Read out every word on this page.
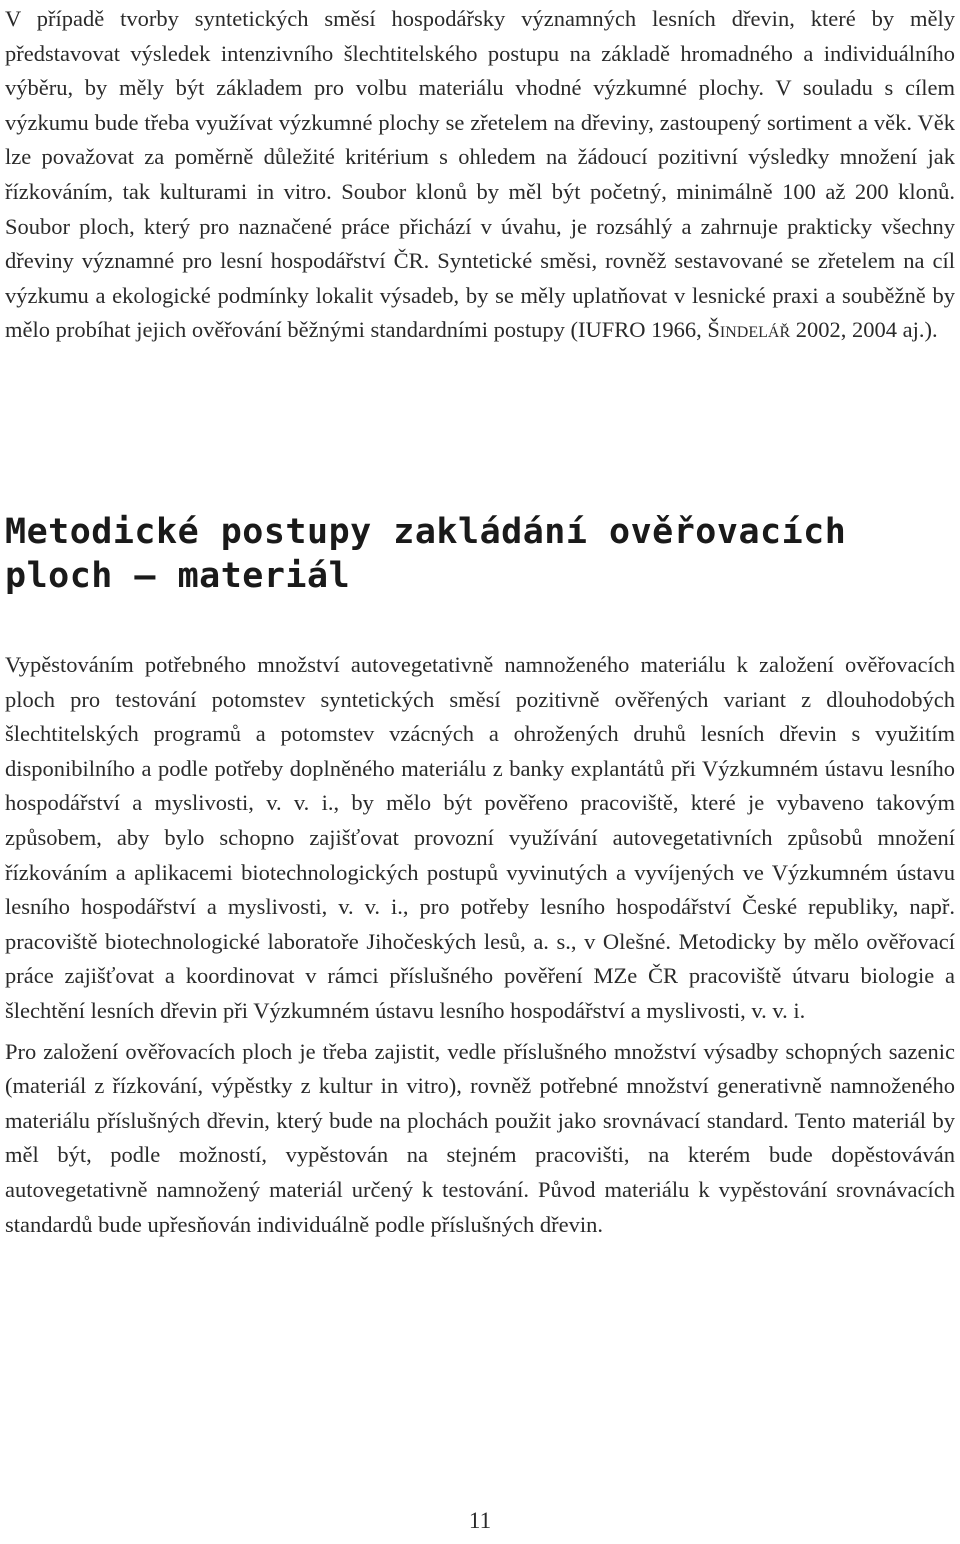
V případě tvorby syntetických směsí hospodářsky významných lesních dřevin, které by měly představovat výsledek intenzivního šlechtitelského postupu na základě hromadného a individuálního výběru, by měly být základem pro volbu materiálu vhodné výzkumné plochy. V souladu s cílem výzkumu bude třeba využívat výzkumné plochy se zřetelem na dřeviny, zastoupený sortiment a věk. Věk lze považovat za poměrně důležité kritérium s ohledem na žádoucí pozitivní výsledky množení jak řízkováním, tak kulturami in vitro. Soubor klonů by měl být početný, minimálně 100 až 200 klonů. Soubor ploch, který pro naznačené práce přichází v úvahu, je rozsáhlý a zahrnuje prakticky všechny dřeviny významné pro lesní hospodářství ČR. Syntetické směsi, rovněž sestavované se zřetelem na cíl výzkumu a ekologické podmínky lokalit výsadeb, by se měly uplatňovat v lesnické praxi a souběžně by mělo probíhat jejich ověřování běžnými standardními postupy (IUFRO 1966, Šindelář 2002, 2004 aj.).

Metodické postupy zakládání ověřovacích ploch – materiál

Vypěstováním potřebného množství autovegetativně namnoženého materiálu k založení ověřovacích ploch pro testování potomstev syntetických směsí pozitivně ověřených variant z dlouhodobých šlechtitelských programů a potomstev vzácných a ohrožených druhů lesních dřevin s využitím disponibilního a podle potřeby doplněného materiálu z banky explantátů při Výzkumném ústavu lesního hospodářství a myslivosti, v. v. i., by mělo být pověřeno pracoviště, které je vybaveno takovým způsobem, aby bylo schopno zajišťovat provozní využívání autovegetativních způsobů množení řízkováním a aplikacemi biotechnologických postupů vyvinutých a vyvíjených ve Výzkumném ústavu lesního hospodářství a myslivosti, v. v. i., pro potřeby lesního hospodářství České republiky, např. pracoviště biotechnologické laboratoře Jihočeských lesů, a. s., v Olešné. Metodicky by mělo ověřovací práce zajišťovat a koordinovat v rámci příslušného pověření MZe ČR pracoviště útvaru biologie a šlechtění lesních dřevin při Výzkumném ústavu lesního hospodářství a myslivosti, v. v. i.

Pro založení ověřovacích ploch je třeba zajistit, vedle příslušného množství výsadby schopných sazenic (materiál z řízkování, výpěstky z kultur in vitro), rovněž potřebné množství generativně namnoženého materiálu příslušných dřevin, který bude na plochách použit jako srovnávací standard. Tento materiál by měl být, podle možností, vypěstován na stejném pracovišti, na kterém bude dopěstováván autovegetativně namnožený materiál určený k testování. Původ materiálu k vypěstování srovnávacích standardů bude upřesňován individuálně podle příslušných dřevin.

11
